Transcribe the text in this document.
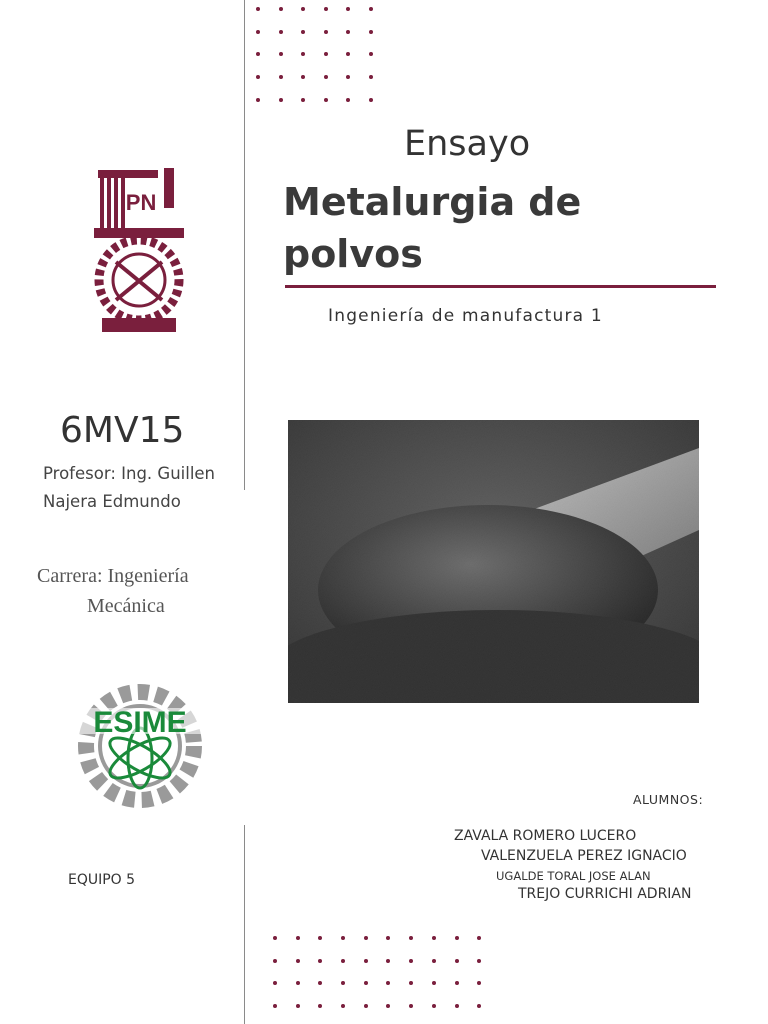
IPN
Ensayo
Metalurgia de polvos
Ingeniería de manufactura 1
6MV15
Profesor: Ing. Guillen Najera Edmundo
Carrera: Ingeniería
Mecánica
ESIME
EQUIPO 5
ALUMNOS:
ZAVALA ROMERO LUCERO
VALENZUELA PEREZ IGNACIO
UGALDE TORAL JOSE ALAN
TREJO CURRICHI ADRIAN
